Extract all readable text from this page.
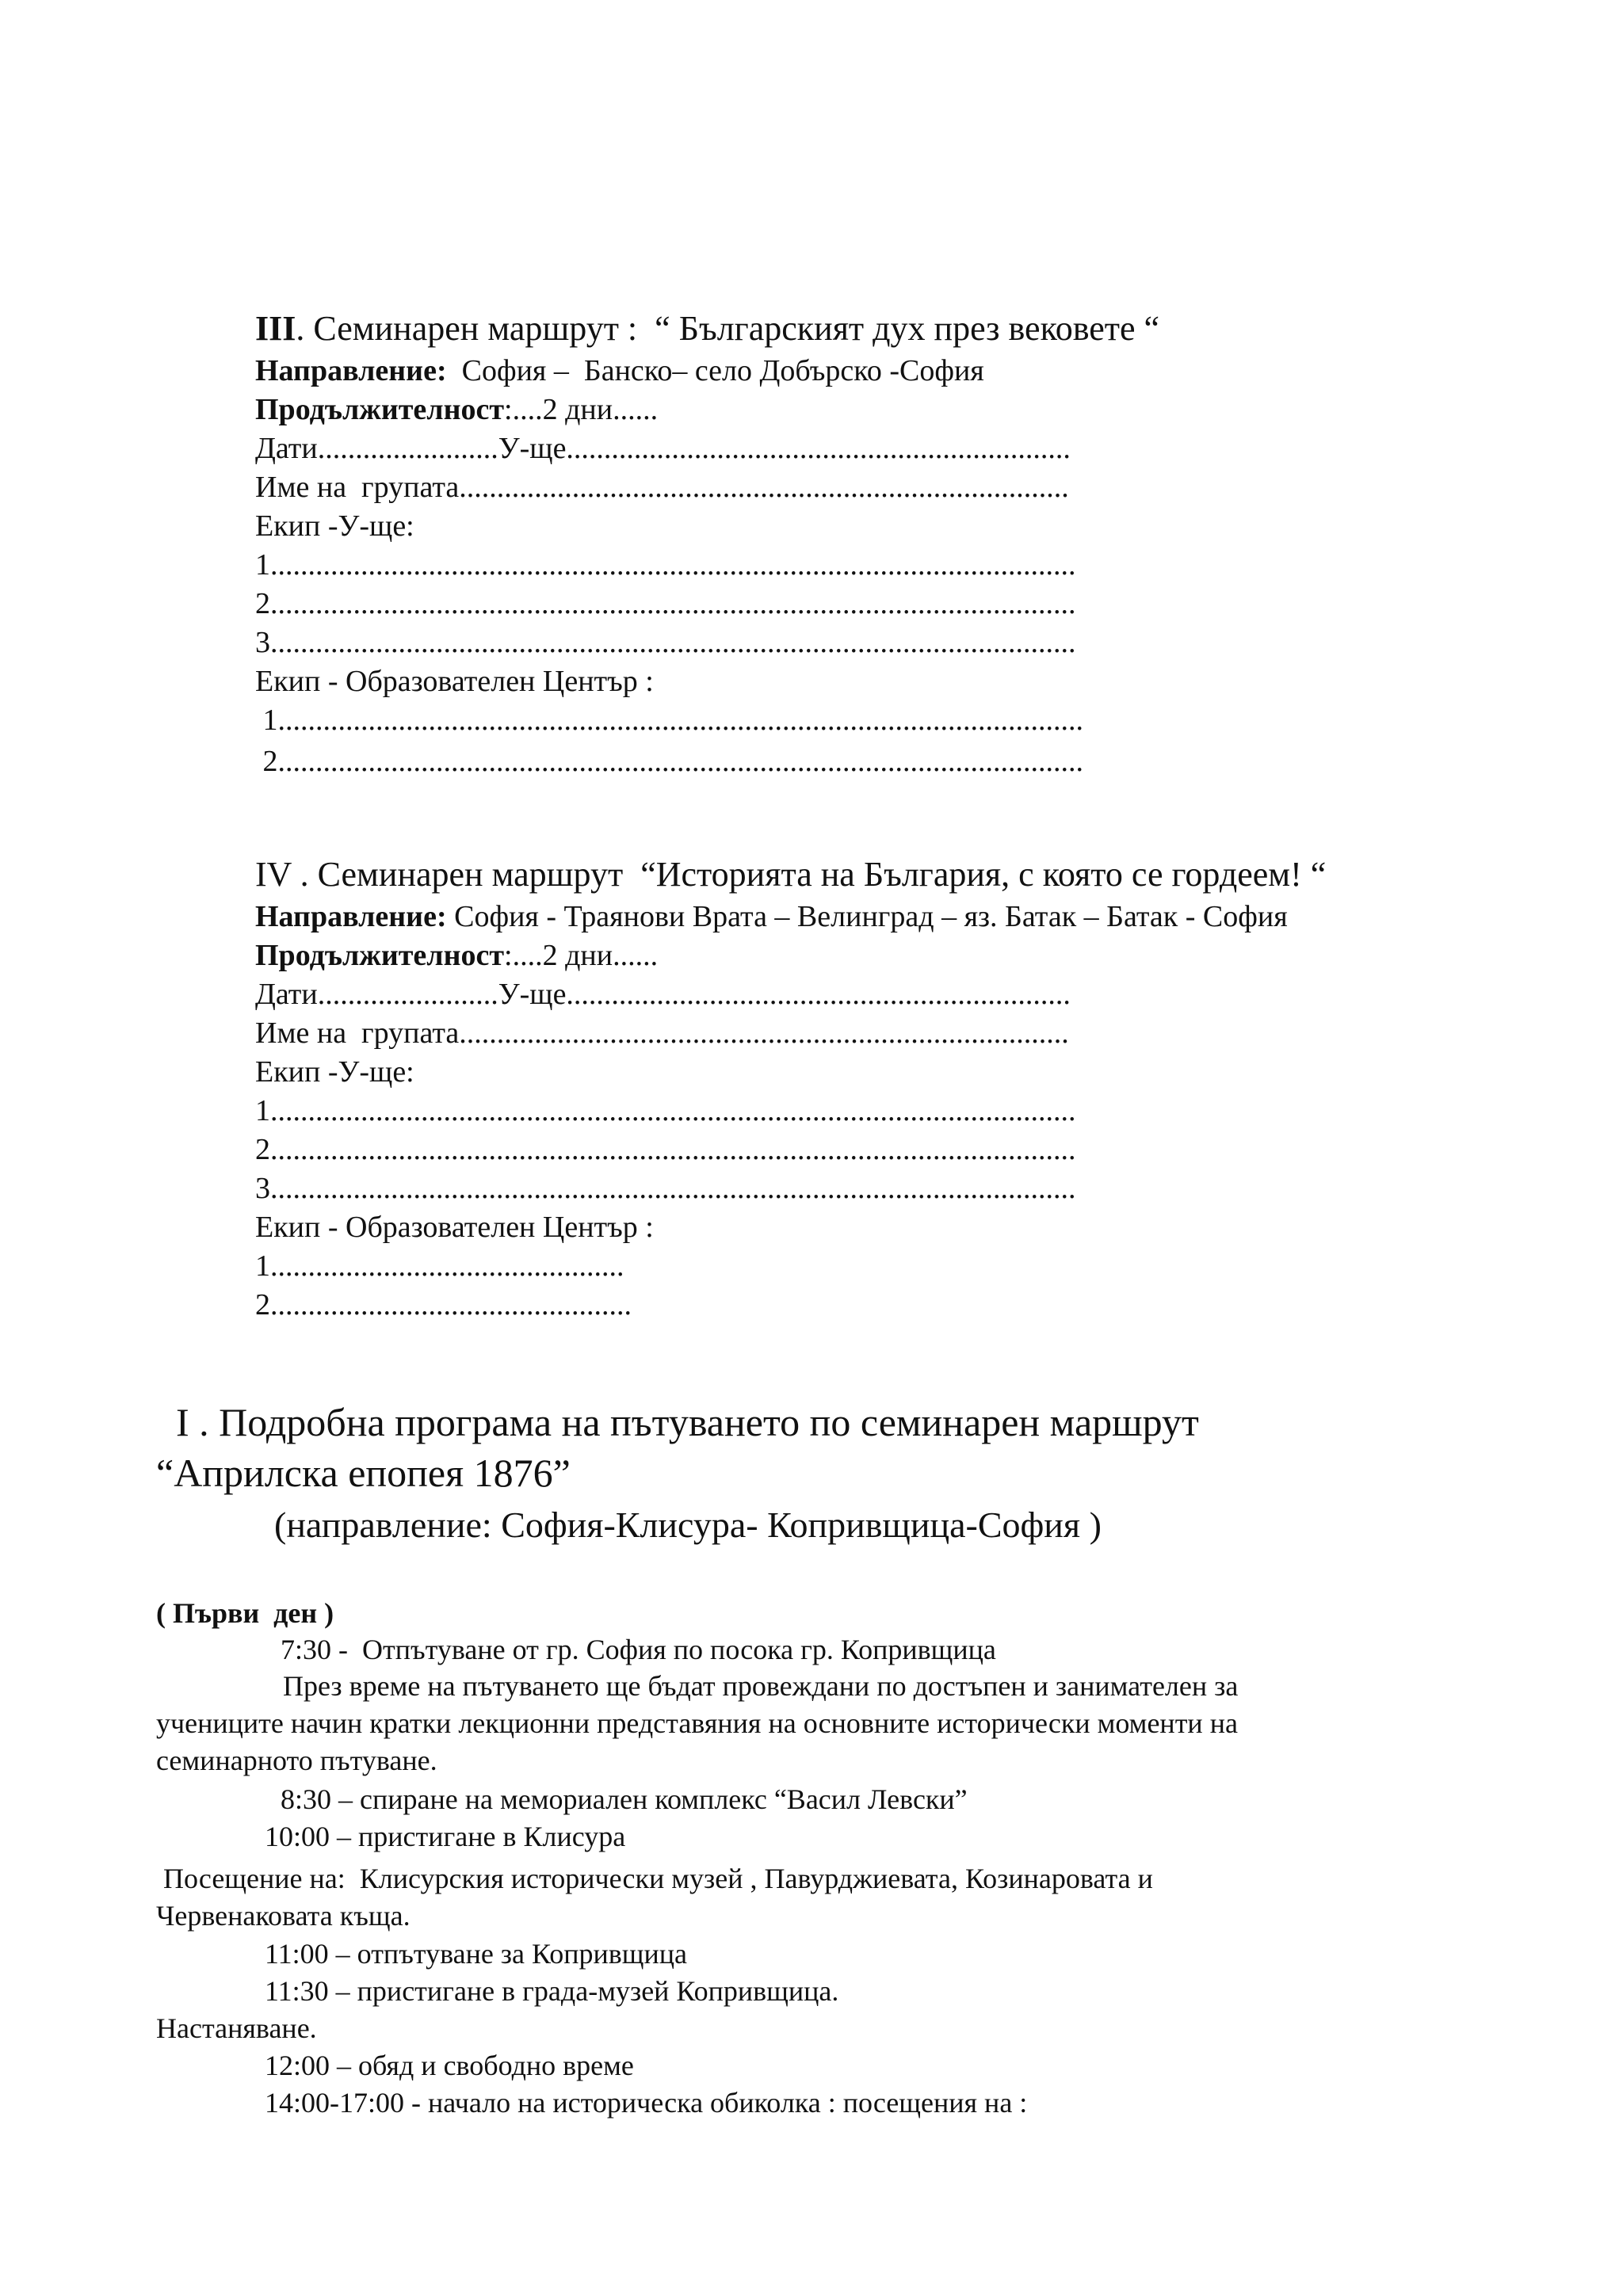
III. Семинарен маршрут :  “ Българският дух през вековете “
Направление:  София –  Банско– село Добърско -София
Продължителност:....2 дни......
Дати........................У-ще...................................................................
Име на  групата.................................................................................
Екип -У-ще:
1...........................................................................................................
2...........................................................................................................
3...........................................................................................................
Екип - Образователен Център :
1...........................................................................................................
2...........................................................................................................
IV . Семинарен маршрут  “Историята на България, с която се гордеем! “
Направление: София - Траянови Врата – Велинград – яз. Батак – Батак - София
Продължителност:....2 дни......
Дати........................У-ще...................................................................
Име на  групата.................................................................................
Екип -У-ще:
1...........................................................................................................
2...........................................................................................................
3...........................................................................................................
Екип - Образователен Център :
1...............................................
2................................................
I . Подробна програма на пътуването по семинарен маршрут
“Априлска епопея 1876”
(направление: София-Клисура- Копривщица-София )
( Първи  ден )
7:30 -  Отпътуване от гр. София по посока гр. Копривщица
През време на пътуването ще бъдат провеждани по достъпен и занимателен за
учениците начин кратки лекционни представяния на основните исторически моменти на
семинарното пътуване.
8:30 – спиране на мемориален комплекс “Васил Левски”
10:00 – пристигане в Клисура
Посещение на:  Клисурския исторически музей , Павурджиевата, Козинаровата и
Червенаковата къща.
11:00 – отпътуване за Копривщица
11:30 – пристигане в града-музей Копривщица.
Настаняване.
12:00 – обяд и свободно време
14:00-17:00 - начало на историческа обиколка : посещения на :
